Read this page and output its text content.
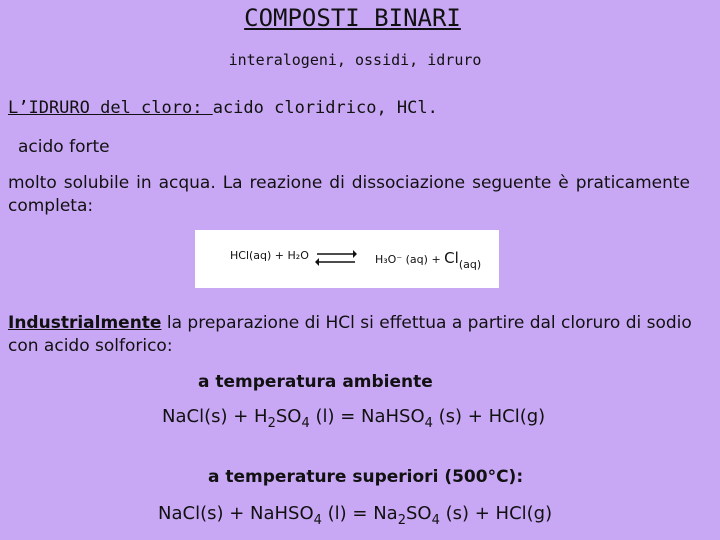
COMPOSTI BINARI
interalogeni, ossidi, idruro
L’IDRURO del cloro: acido cloridrico, HCl.
acido forte
molto solubile in acqua. La reazione di dissociazione seguente è praticamente completa:
HCl(aq) + H₂O ⇌ H₃O⁻ (aq) + Cl(aq)
Industrialmente la preparazione di HCl si effettua a partire dal cloruro di sodio con acido solforico:
a temperatura ambiente
NaCl(s) + $H_2SO_4$ (l) = NaHSO$_4$ (s) + HCl(g)
a temperature superiori (500°C):
NaCl(s) + NaHSO$_4$ $(l) = Na_2SO_4$ (s) + HCl(g)
